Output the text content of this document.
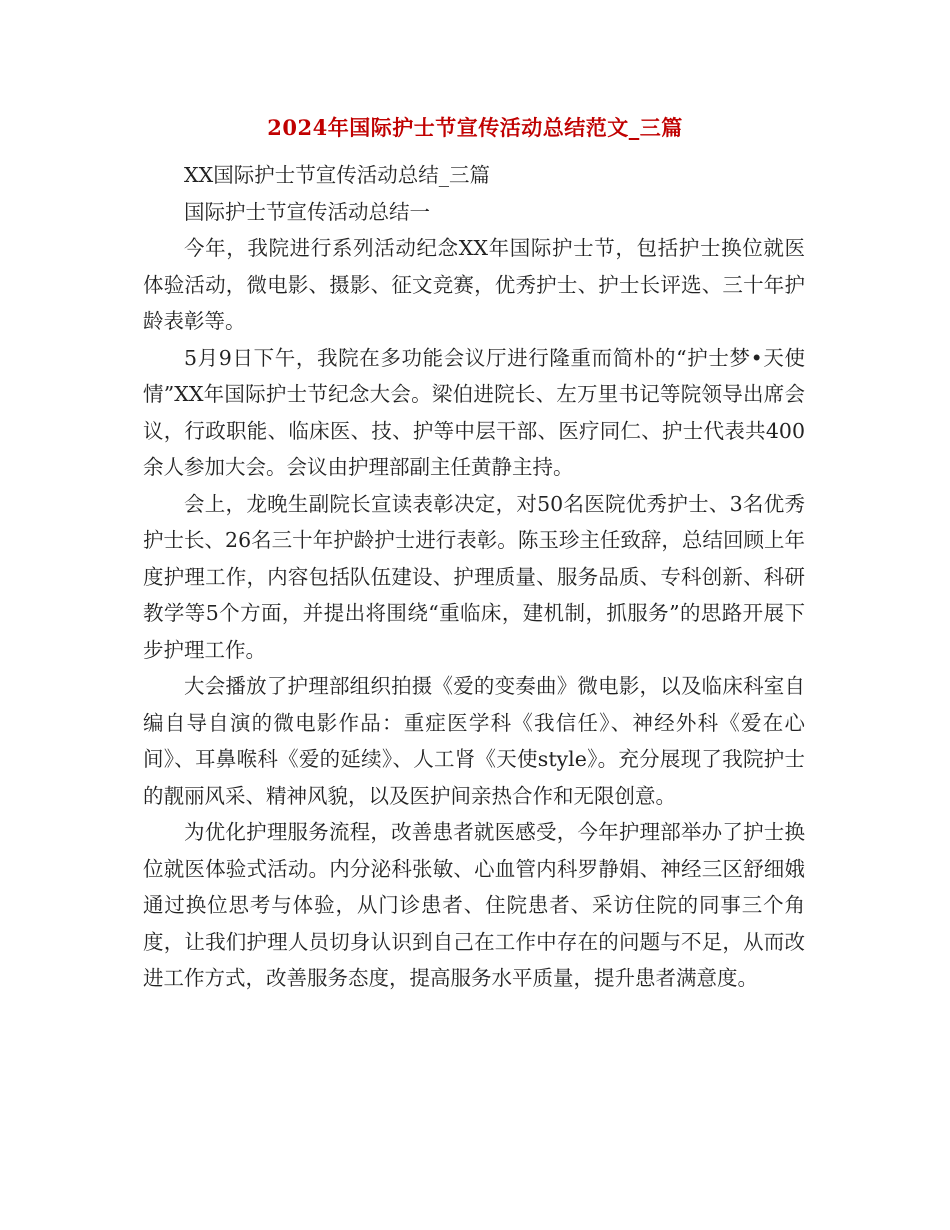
2024年国际护士节宣传活动总结范文_三篇

XX国际护士节宣传活动总结_三篇

国际护士节宣传活动总结一

今年，我院进行系列活动纪念XX年国际护士节，包括护士换位就医体验活动，微电影、摄影、征文竞赛，优秀护士、护士长评选、三十年护龄表彰等。

5月9日下午，我院在多功能会议厅进行隆重而简朴的“护士梦•天使情”XX年国际护士节纪念大会。梁伯进院长、左万里书记等院领导出席会议，行政职能、临床医、技、护等中层干部、医疗同仁、护士代表共400余人参加大会。会议由护理部副主任黄静主持。

会上，龙晚生副院长宣读表彰决定，对50名医院优秀护士、3名优秀护士长、26名三十年护龄护士进行表彰。陈玉珍主任致辞，总结回顾上年度护理工作，内容包括队伍建设、护理质量、服务品质、专科创新、科研教学等5个方面，并提出将围绕“重临床，建机制，抓服务”的思路开展下步护理工作。

大会播放了护理部组织拍摄《爱的变奏曲》微电影，以及临床科室自编自导自演的微电影作品：重症医学科《我信任》、神经外科《爱在心间》、耳鼻喉科《爱的延续》、人工肾《天使style》。充分展现了我院护士的靓丽风采、精神风貌，以及医护间亲热合作和无限创意。

为优化护理服务流程，改善患者就医感受，今年护理部举办了护士换位就医体验式活动。内分泌科张敏、心血管内科罗静娟、神经三区舒细娥通过换位思考与体验，从门诊患者、住院患者、采访住院的同事三个角度，让我们护理人员切身认识到自己在工作中存在的问题与不足，从而改进工作方式，改善服务态度，提高服务水平质量，提升患者满意度。
